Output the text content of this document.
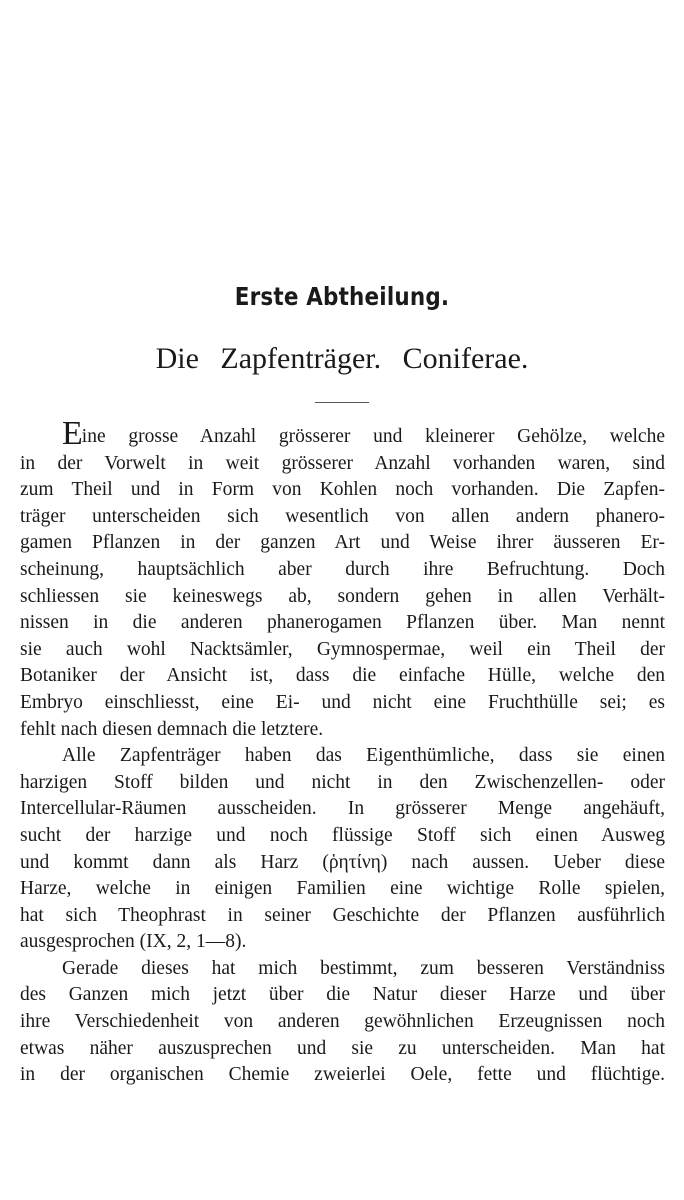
Erste Abtheilung.
Die Zapfenträger. Coniferae.
Eine grosse Anzahl grösserer und kleinerer Gehölze, welche
in der Vorwelt in weit grösserer Anzahl vorhanden waren, sind
zum Theil und in Form von Kohlen noch vorhanden. Die Zapfen-
träger unterscheiden sich wesentlich von allen andern phanero-
gamen Pflanzen in der ganzen Art und Weise ihrer äusseren Er-
scheinung, hauptsächlich aber durch ihre Befruchtung. Doch
schliessen sie keineswegs ab, sondern gehen in allen Verhält-
nissen in die anderen phanerogamen Pflanzen über. Man nennt
sie auch wohl Nacktsämler, Gymnospermae, weil ein Theil der
Botaniker der Ansicht ist, dass die einfache Hülle, welche den
Embryo einschliesst, eine Ei- und nicht eine Fruchthülle sei; es
fehlt nach diesen demnach die letztere.
Alle Zapfenträger haben das Eigenthümliche, dass sie einen
harzigen Stoff bilden und nicht in den Zwischenzellen- oder
Intercellular-Räumen ausscheiden. In grösserer Menge angehäuft,
sucht der harzige und noch flüssige Stoff sich einen Ausweg
und kommt dann als Harz (ῥητίνη) nach aussen. Ueber diese
Harze, welche in einigen Familien eine wichtige Rolle spielen,
hat sich Theophrast in seiner Geschichte der Pflanzen ausführlich
ausgesprochen (IX, 2, 1—8).
Gerade dieses hat mich bestimmt, zum besseren Verständniss
des Ganzen mich jetzt über die Natur dieser Harze und über
ihre Verschiedenheit von anderen gewöhnlichen Erzeugnissen noch
etwas näher auszusprechen und sie zu unterscheiden. Man hat
in der organischen Chemie zweierlei Oele, fette und flüchtige.
